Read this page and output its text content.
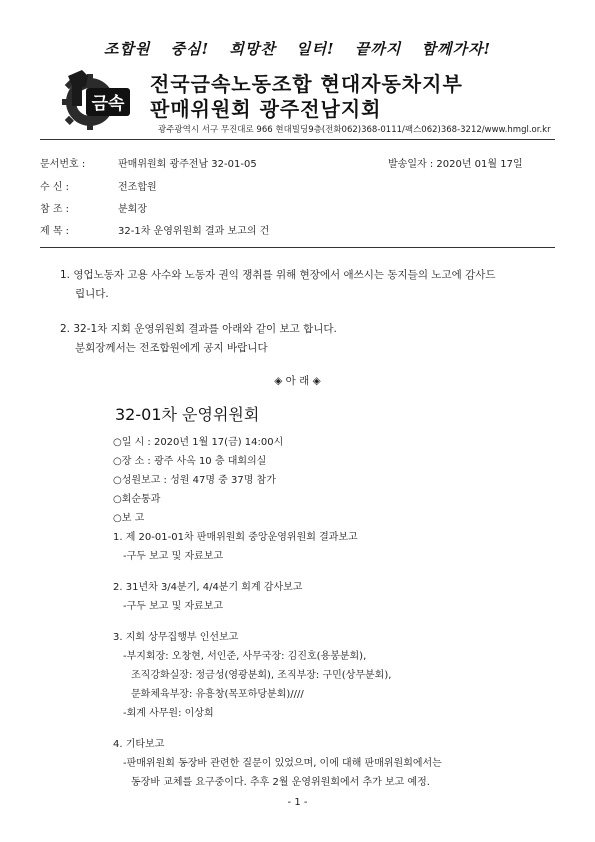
조합원 중심! 희망찬 일터! 끝까지 함께가자!
금속
전국금속노동조합 현대자동차지부
판매위원회 광주전남지회
광주광역시 서구 무진대로 966 현대빌딩9층(전화062)368-0111/팩스062)368-3212/www.hmgl.or.kr
문서번호 :	판매위원회 광주전남 32-01-05	발송일자 : 2020년 01월 17일
수 신 :	전조합원
참 조 :	분회장
제 목 :	32-1차 운영위원회 결과 보고의 건
1. 영업노동자 고용 사수와 노동자 권익 쟁취를 위해 현장에서 애쓰시는 동지들의 노고에 감사드
립니다.
2. 32-1차 지회 운영위원회 결과를 아래와 같이 보고 합니다.
분회장께서는 전조합원에게 공지 바랍니다
◈ 아 래 ◈
32-01차 운영위원회
○일 시 : 2020년 1월 17(금) 14:00시
○장 소 : 광주 사옥 10 층 대회의실
○성원보고 : 성원 47명 중 37명 참가
○회순통과
○보 고
1. 제 20-01-01차 판매위원회 중앙운영위원회 결과보고
-구두 보고 및 자료보고
2. 31년차 3/4분기, 4/4분기 회계 감사보고
-구두 보고 및 자료보고
3. 지회 상무집행부 인선보고
-부지회장: 오창현, 서인준, 사무국장: 김진호(용봉분회),
조직강화실장: 정금성(영광분회), 조직부장: 구민(상무분회),
문화체육부장: 유흥창(목포하당분회)////
-회계 사무원: 이상희
4. 기타보고
-판매위원회 동장바 관련한 질문이 있었으며, 이에 대해 판매위원회에서는
동장바 교체를 요구중이다. 추후 2월 운영위원회에서 추가 보고 예정.
- 1 -
